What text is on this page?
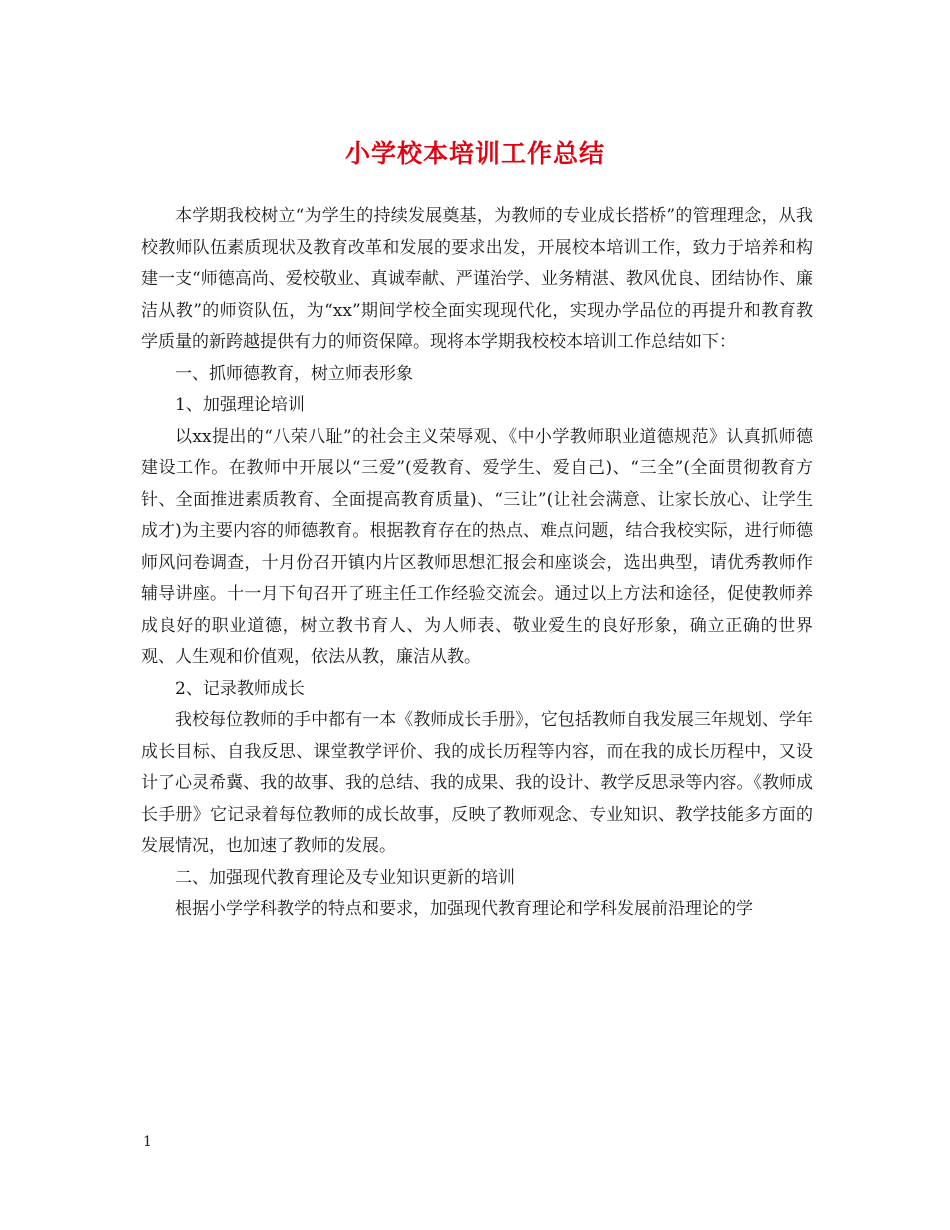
小学校本培训工作总结

本学期我校树立“为学生的持续发展奠基，为教师的专业成长搭桥”的管理理念，从我校教师队伍素质现状及教育改革和发展的要求出发，开展校本培训工作，致力于培养和构建一支“师德高尚、爱校敬业、真诚奉献、严谨治学、业务精湛、教风优良、团结协作、廉洁从教”的师资队伍，为“xx”期间学校全面实现现代化，实现办学品位的再提升和教育教学质量的新跨越提供有力的师资保障。现将本学期我校校本培训工作总结如下：

一、抓师德教育，树立师表形象

1、加强理论培训

以xx提出的“八荣八耻”的社会主义荣辱观、《中小学教师职业道德规范》认真抓师德建设工作。在教师中开展以“三爱”(爱教育、爱学生、爱自己)、“三全”(全面贯彻教育方针、全面推进素质教育、全面提高教育质量)、“三让”(让社会满意、让家长放心、让学生成才)为主要内容的师德教育。根据教育存在的热点、难点问题，结合我校实际，进行师德师风问卷调查，十月份召开镇内片区教师思想汇报会和座谈会，选出典型，请优秀教师作辅导讲座。十一月下旬召开了班主任工作经验交流会。通过以上方法和途径，促使教师养成良好的职业道德，树立教书育人、为人师表、敬业爱生的良好形象，确立正确的世界观、人生观和价值观，依法从教，廉洁从教。

2、记录教师成长

我校每位教师的手中都有一本《教师成长手册》，它包括教师自我发展三年规划、学年成长目标、自我反思、课堂教学评价、我的成长历程等内容，而在我的成长历程中，又设计了心灵希冀、我的故事、我的总结、我的成果、我的设计、教学反思录等内容。《教师成长手册》它记录着每位教师的成长故事，反映了教师观念、专业知识、教学技能多方面的发展情况，也加速了教师的发展。

二、加强现代教育理论及专业知识更新的培训

根据小学学科教学的特点和要求，加强现代教育理论和学科发展前沿理论的学

1
